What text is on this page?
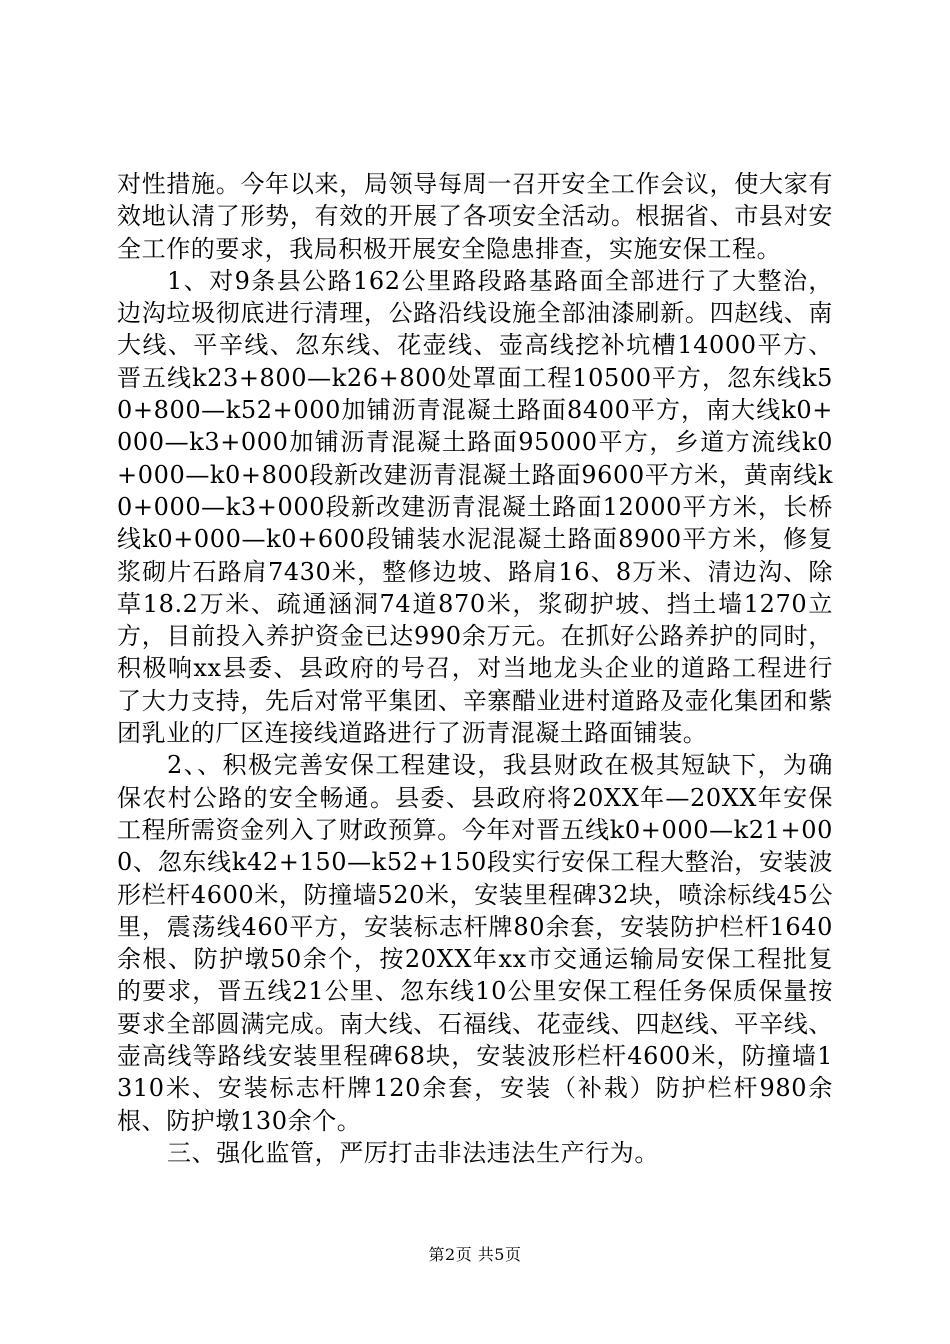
对性措施。今年以来，局领导每周一召开安全工作会议，使大家有效地认清了形势，有效的开展了各项安全活动。根据省、市县对安全工作的要求，我局积极开展安全隐患排查，实施安保工程。

1、对9条县公路162公里路段路基路面全部进行了大整治，边沟垃圾彻底进行清理，公路沿线设施全部油漆刷新。四赵线、南大线、平辛线、忽东线、花壶线、壶高线挖补坑槽14000平方、晋五线k23+800—k26+800处罩面工程10500平方，忽东线k50+800—k52+000加铺沥青混凝土路面8400平方，南大线k0+000—k3+000加铺沥青混凝土路面95000平方，乡道方流线k0+000—k0+800段新改建沥青混凝土路面9600平方米，黄南线k0+000—k3+000段新改建沥青混凝土路面12000平方米，长桥线k0+000—k0+600段铺装水泥混凝土路面8900平方米，修复浆砌片石路肩7430米，整修边坡、路肩16、8万米、清边沟、除草18.2万米、疏通涵洞74道870米，浆砌护坡、挡土墙1270立方，目前投入养护资金已达990余万元。在抓好公路养护的同时，积极响xx县委、县政府的号召，对当地龙头企业的道路工程进行了大力支持，先后对常平集团、辛寨醋业进村道路及壶化集团和紫团乳业的厂区连接线道路进行了沥青混凝土路面铺装。

2、、积极完善安保工程建设，我县财政在极其短缺下，为确保农村公路的安全畅通。县委、县政府将20XX年—20XX年安保工程所需资金列入了财政预算。今年对晋五线k0+000—k21+000、忽东线k42+150—k52+150段实行安保工程大整治，安装波形栏杆4600米，防撞墙520米，安装里程碑32块，喷涂标线45公里，震荡线460平方，安装标志杆牌80余套，安装防护栏杆1640余根、防护墩50余个，按20XX年xx市交通运输局安保工程批复的要求，晋五线21公里、忽东线10公里安保工程任务保质保量按要求全部圆满完成。南大线、石福线、花壶线、四赵线、平辛线、壶高线等路线安装里程碑68块，安装波形栏杆4600米，防撞墙1310米、安装标志杆牌120余套，安装（补栽）防护栏杆980余根、防护墩130余个。

三、强化监管，严厉打击非法违法生产行为。

第2页 共5页
